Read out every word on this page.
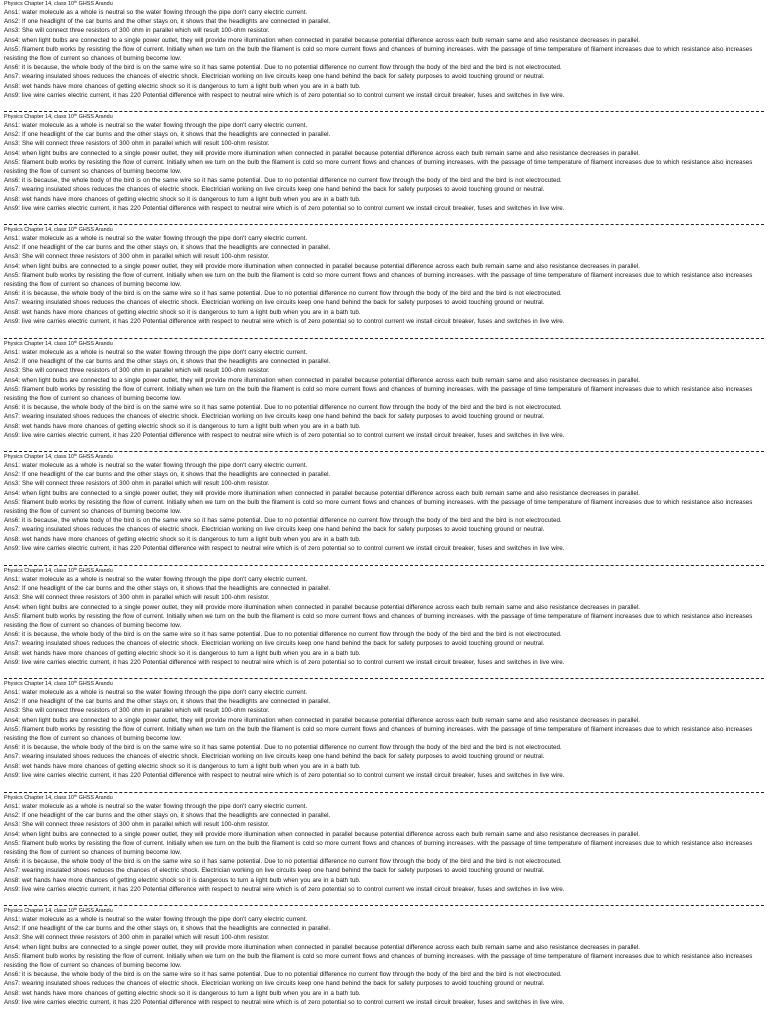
Physics Chapter 14, class 10th GHSS Arandu
Ans1: water molecule as a whole is neutral so the water flowing through the pipe don't carry electric current.
Ans2: If one headlight of the car burns and the other stays on, it shows that the headlights are connected in parallel.
Ans3: She will connect three resistors of 300 ohm in parallel which will result 100-ohm resistor.
Ans4: when light bulbs are connected to a single power outlet, they will provide more illumination when connected in parallel because potential difference across each bulb remain same and also resistance decreases in parallel.
Ans5: filament bulb works by resisting the flow of current. Initially when we turn on the bulb the filament is cold so more current flows and chances of burning increases. with the passage of time temperature of filament increases due to which resistance also increases resisting the flow of current so chances of burning become low.
Ans6: it is because, the whole body of the bird is on the same wire so it has same potential. Due to no potential difference no current flow through the body of the bird and the bird is not electrocuted.
Ans7: wearing insulated shoes reduces the chances of electric shock. Electrician working on live circuits keep one hand behind the back for safety purposes to avoid touching ground or neutral.
Ans8: wet hands have more chances of getting electric shock so it is dangerous to turn a light bulb when you are in a bath tub.
Ans9: live wire carries electric current, it has 220 Potential difference with respect to neutral wire which is of zero potential so to control current we install circuit breaker, fuses and switches in live wire.
Physics Chapter 14, class 10th GHSS Arandu
Ans1: water molecule as a whole is neutral so the water flowing through the pipe don't carry electric current.
Ans2: If one headlight of the car burns and the other stays on, it shows that the headlights are connected in parallel.
Ans3: She will connect three resistors of 300 ohm in parallel which will result 100-ohm resistor.
Ans4: when light bulbs are connected to a single power outlet, they will provide more illumination when connected in parallel because potential difference across each bulb remain same and also resistance decreases in parallel.
Ans5: filament bulb works by resisting the flow of current. Initially when we turn on the bulb the filament is cold so more current flows and chances of burning increases. with the passage of time temperature of filament increases due to which resistance also increases resisting the flow of current so chances of burning become low.
Ans6: it is because, the whole body of the bird is on the same wire so it has same potential. Due to no potential difference no current flow through the body of the bird and the bird is not electrocuted.
Ans7: wearing insulated shoes reduces the chances of electric shock. Electrician working on live circuits keep one hand behind the back for safety purposes to avoid touching ground or neutral.
Ans8: wet hands have more chances of getting electric shock so it is dangerous to turn a light bulb when you are in a bath tub.
Ans9: live wire carries electric current, it has 220 Potential difference with respect to neutral wire which is of zero potential so to control current we install circuit breaker, fuses and switches in live wire.
Physics Chapter 14, class 10th GHSS Arandu
Ans1: water molecule as a whole is neutral so the water flowing through the pipe don't carry electric current.
Ans2: If one headlight of the car burns and the other stays on, it shows that the headlights are connected in parallel.
Ans3: She will connect three resistors of 300 ohm in parallel which will result 100-ohm resistor.
Ans4: when light bulbs are connected to a single power outlet, they will provide more illumination when connected in parallel because potential difference across each bulb remain same and also resistance decreases in parallel.
Ans5: filament bulb works by resisting the flow of current. Initially when we turn on the bulb the filament is cold so more current flows and chances of burning increases. with the passage of time temperature of filament increases due to which resistance also increases resisting the flow of current so chances of burning become low.
Ans6: it is because, the whole body of the bird is on the same wire so it has same potential. Due to no potential difference no current flow through the body of the bird and the bird is not electrocuted.
Ans7: wearing insulated shoes reduces the chances of electric shock. Electrician working on live circuits keep one hand behind the back for safety purposes to avoid touching ground or neutral.
Ans8: wet hands have more chances of getting electric shock so it is dangerous to turn a light bulb when you are in a bath tub.
Ans9: live wire carries electric current, it has 220 Potential difference with respect to neutral wire which is of zero potential so to control current we install circuit breaker, fuses and switches in live wire.
Physics Chapter 14, class 10th GHSS Arandu
Ans1: water molecule as a whole is neutral so the water flowing through the pipe don't carry electric current.
Ans2: If one headlight of the car burns and the other stays on, it shows that the headlights are connected in parallel.
Ans3: She will connect three resistors of 300 ohm in parallel which will result 100-ohm resistor.
Ans4: when light bulbs are connected to a single power outlet, they will provide more illumination when connected in parallel because potential difference across each bulb remain same and also resistance decreases in parallel.
Ans5: filament bulb works by resisting the flow of current. Initially when we turn on the bulb the filament is cold so more current flows and chances of burning increases. with the passage of time temperature of filament increases due to which resistance also increases resisting the flow of current so chances of burning become low.
Ans6: it is because, the whole body of the bird is on the same wire so it has same potential. Due to no potential difference no current flow through the body of the bird and the bird is not electrocuted.
Ans7: wearing insulated shoes reduces the chances of electric shock. Electrician working on live circuits keep one hand behind the back for safety purposes to avoid touching ground or neutral.
Ans8: wet hands have more chances of getting electric shock so it is dangerous to turn a light bulb when you are in a bath tub.
Ans9: live wire carries electric current, it has 220 Potential difference with respect to neutral wire which is of zero potential so to control current we install circuit breaker, fuses and switches in live wire.
Physics Chapter 14, class 10th GHSS Arandu
Ans1: water molecule as a whole is neutral so the water flowing through the pipe don't carry electric current.
Ans2: If one headlight of the car burns and the other stays on, it shows that the headlights are connected in parallel.
Ans3: She will connect three resistors of 300 ohm in parallel which will result 100-ohm resistor.
Ans4: when light bulbs are connected to a single power outlet, they will provide more illumination when connected in parallel because potential difference across each bulb remain same and also resistance decreases in parallel.
Ans5: filament bulb works by resisting the flow of current. Initially when we turn on the bulb the filament is cold so more current flows and chances of burning increases. with the passage of time temperature of filament increases due to which resistance also increases resisting the flow of current so chances of burning become low.
Ans6: it is because, the whole body of the bird is on the same wire so it has same potential. Due to no potential difference no current flow through the body of the bird and the bird is not electrocuted.
Ans7: wearing insulated shoes reduces the chances of electric shock. Electrician working on live circuits keep one hand behind the back for safety purposes to avoid touching ground or neutral.
Ans8: wet hands have more chances of getting electric shock so it is dangerous to turn a light bulb when you are in a bath tub.
Ans9: live wire carries electric current, it has 220 Potential difference with respect to neutral wire which is of zero potential so to control current we install circuit breaker, fuses and switches in live wire.
Physics Chapter 14, class 10th GHSS Arandu
Ans1: water molecule as a whole is neutral so the water flowing through the pipe don't carry electric current.
Ans2: If one headlight of the car burns and the other stays on, it shows that the headlights are connected in parallel.
Ans3: She will connect three resistors of 300 ohm in parallel which will result 100-ohm resistor.
Ans4: when light bulbs are connected to a single power outlet, they will provide more illumination when connected in parallel because potential difference across each bulb remain same and also resistance decreases in parallel.
Ans5: filament bulb works by resisting the flow of current. Initially when we turn on the bulb the filament is cold so more current flows and chances of burning increases. with the passage of time temperature of filament increases due to which resistance also increases resisting the flow of current so chances of burning become low.
Ans6: it is because, the whole body of the bird is on the same wire so it has same potential. Due to no potential difference no current flow through the body of the bird and the bird is not electrocuted.
Ans7: wearing insulated shoes reduces the chances of electric shock. Electrician working on live circuits keep one hand behind the back for safety purposes to avoid touching ground or neutral.
Ans8: wet hands have more chances of getting electric shock so it is dangerous to turn a light bulb when you are in a bath tub.
Ans9: live wire carries electric current, it has 220 Potential difference with respect to neutral wire which is of zero potential so to control current we install circuit breaker, fuses and switches in live wire.
Physics Chapter 14, class 10th GHSS Arandu
Ans1: water molecule as a whole is neutral so the water flowing through the pipe don't carry electric current.
Ans2: If one headlight of the car burns and the other stays on, it shows that the headlights are connected in parallel.
Ans3: She will connect three resistors of 300 ohm in parallel which will result 100-ohm resistor.
Ans4: when light bulbs are connected to a single power outlet, they will provide more illumination when connected in parallel because potential difference across each bulb remain same and also resistance decreases in parallel.
Ans5: filament bulb works by resisting the flow of current. Initially when we turn on the bulb the filament is cold so more current flows and chances of burning increases. with the passage of time temperature of filament increases due to which resistance also increases resisting the flow of current so chances of burning become low.
Ans6: it is because, the whole body of the bird is on the same wire so it has same potential. Due to no potential difference no current flow through the body of the bird and the bird is not electrocuted.
Ans7: wearing insulated shoes reduces the chances of electric shock. Electrician working on live circuits keep one hand behind the back for safety purposes to avoid touching ground or neutral.
Ans8: wet hands have more chances of getting electric shock so it is dangerous to turn a light bulb when you are in a bath tub.
Ans9: live wire carries electric current, it has 220 Potential difference with respect to neutral wire which is of zero potential so to control current we install circuit breaker, fuses and switches in live wire.
Physics Chapter 14, class 10th GHSS Arandu
Ans1: water molecule as a whole is neutral so the water flowing through the pipe don't carry electric current.
Ans2: If one headlight of the car burns and the other stays on, it shows that the headlights are connected in parallel.
Ans3: She will connect three resistors of 300 ohm in parallel which will result 100-ohm resistor.
Ans4: when light bulbs are connected to a single power outlet, they will provide more illumination when connected in parallel because potential difference across each bulb remain same and also resistance decreases in parallel.
Ans5: filament bulb works by resisting the flow of current. Initially when we turn on the bulb the filament is cold so more current flows and chances of burning increases. with the passage of time temperature of filament increases due to which resistance also increases resisting the flow of current so chances of burning become low.
Ans6: it is because, the whole body of the bird is on the same wire so it has same potential. Due to no potential difference no current flow through the body of the bird and the bird is not electrocuted.
Ans7: wearing insulated shoes reduces the chances of electric shock. Electrician working on live circuits keep one hand behind the back for safety purposes to avoid touching ground or neutral.
Ans8: wet hands have more chances of getting electric shock so it is dangerous to turn a light bulb when you are in a bath tub.
Ans9: live wire carries electric current, it has 220 Potential difference with respect to neutral wire which is of zero potential so to control current we install circuit breaker, fuses and switches in live wire.
Physics Chapter 14, class 10th GHSS Arandu
Ans1: water molecule as a whole is neutral so the water flowing through the pipe don't carry electric current.
Ans2: If one headlight of the car burns and the other stays on, it shows that the headlights are connected in parallel.
Ans3: She will connect three resistors of 300 ohm in parallel which will result 100-ohm resistor.
Ans4: when light bulbs are connected to a single power outlet, they will provide more illumination when connected in parallel because potential difference across each bulb remain same and also resistance decreases in parallel.
Ans5: filament bulb works by resisting the flow of current. Initially when we turn on the bulb the filament is cold so more current flows and chances of burning increases. with the passage of time temperature of filament increases due to which resistance also increases resisting the flow of current so chances of burning become low.
Ans6: it is because, the whole body of the bird is on the same wire so it has same potential. Due to no potential difference no current flow through the body of the bird and the bird is not electrocuted.
Ans7: wearing insulated shoes reduces the chances of electric shock. Electrician working on live circuits keep one hand behind the back for safety purposes to avoid touching ground or neutral.
Ans8: wet hands have more chances of getting electric shock so it is dangerous to turn a light bulb when you are in a bath tub.
Ans9: live wire carries electric current, it has 220 Potential difference with respect to neutral wire which is of zero potential so to control current we install circuit breaker, fuses and switches in live wire.
